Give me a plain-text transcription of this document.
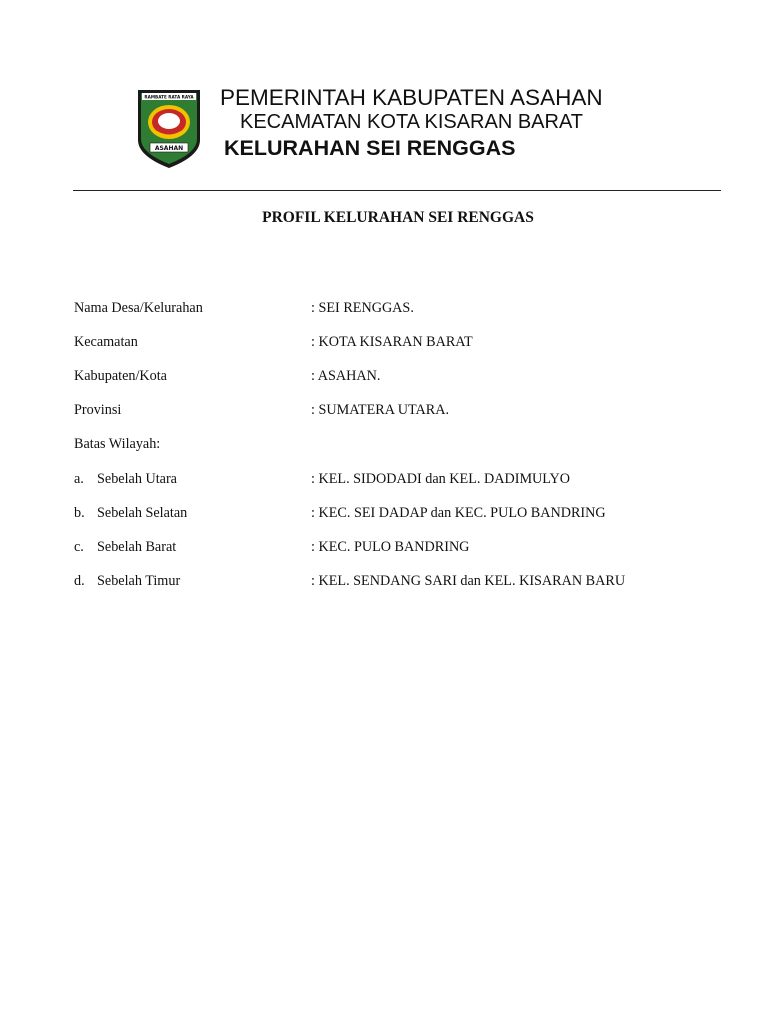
RAMBATE RATA RAYA
ASAHAN
PEMERINTAH KABUPATEN ASAHAN
KECAMATAN KOTA KISARAN BARAT
KELURAHAN SEI RENGGAS
PROFIL KELURAHAN SEI RENGGAS
Nama Desa/Kelurahan	: SEI RENGGAS.
Kecamatan	: KOTA KISARAN BARAT
Kabupaten/Kota	: ASAHAN.
Provinsi	: SUMATERA UTARA.
Batas Wilayah:
a. Sebelah Utara	: KEL. SIDODADI dan KEL. DADIMULYO
b. Sebelah Selatan	: KEC. SEI DADAP dan KEC. PULO BANDRING
c. Sebelah Barat	: KEC. PULO BANDRING
d. Sebelah Timur	: KEL. SENDANG SARI dan KEL. KISARAN BARU
